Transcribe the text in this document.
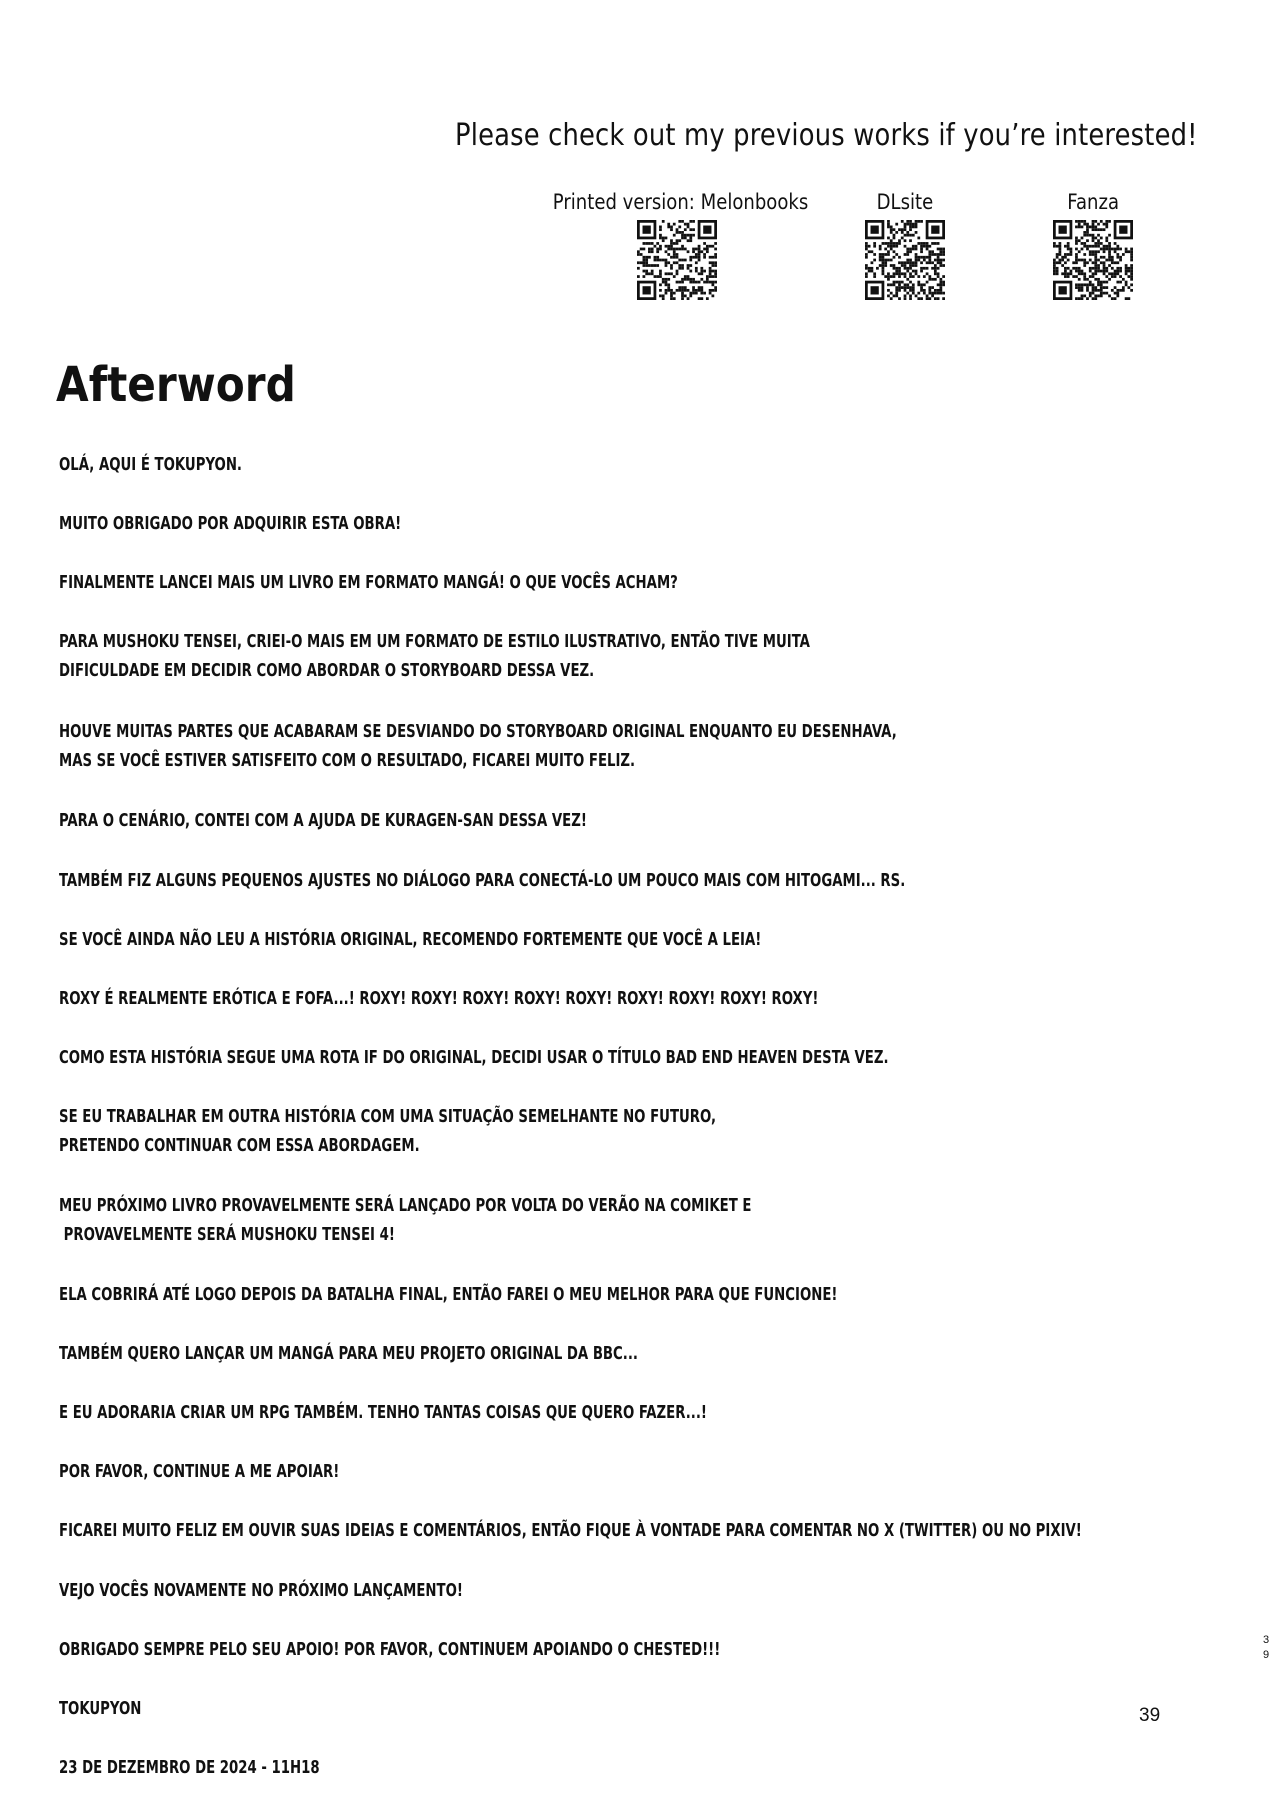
Please check out my previous works if you’re interested!
Printed version: Melonbooks	DLsite	Fanza
Afterword
OLÁ, AQUI É TOKUPYON.
MUITO OBRIGADO POR ADQUIRIR ESTA OBRA!
FINALMENTE LANCEI MAIS UM LIVRO EM FORMATO MANGÁ! O QUE VOCÊS ACHAM?
PARA MUSHOKU TENSEI, CRIEI-O MAIS EM UM FORMATO DE ESTILO ILUSTRATIVO, ENTÃO TIVE MUITA
DIFICULDADE EM DECIDIR COMO ABORDAR O STORYBOARD DESSA VEZ.
HOUVE MUITAS PARTES QUE ACABARAM SE DESVIANDO DO STORYBOARD ORIGINAL ENQUANTO EU DESENHAVA,
MAS SE VOCÊ ESTIVER SATISFEITO COM O RESULTADO, FICAREI MUITO FELIZ.
PARA O CENÁRIO, CONTEI COM A AJUDA DE KURAGEN-SAN DESSA VEZ!
TAMBÉM FIZ ALGUNS PEQUENOS AJUSTES NO DIÁLOGO PARA CONECTÁ-LO UM POUCO MAIS COM HITOGAMI... RS.
SE VOCÊ AINDA NÃO LEU A HISTÓRIA ORIGINAL, RECOMENDO FORTEMENTE QUE VOCÊ A LEIA!
ROXY É REALMENTE ERÓTICA E FOFA...! ROXY! ROXY! ROXY! ROXY! ROXY! ROXY! ROXY! ROXY! ROXY!
COMO ESTA HISTÓRIA SEGUE UMA ROTA IF DO ORIGINAL, DECIDI USAR O TÍTULO BAD END HEAVEN DESTA VEZ.
SE EU TRABALHAR EM OUTRA HISTÓRIA COM UMA SITUAÇÃO SEMELHANTE NO FUTURO,
PRETENDO CONTINUAR COM ESSA ABORDAGEM.
MEU PRÓXIMO LIVRO PROVAVELMENTE SERÁ LANÇADO POR VOLTA DO VERÃO NA COMIKET E
PROVAVELMENTE SERÁ MUSHOKU TENSEI 4!
ELA COBRIRÁ ATÉ LOGO DEPOIS DA BATALHA FINAL, ENTÃO FAREI O MEU MELHOR PARA QUE FUNCIONE!
TAMBÉM QUERO LANÇAR UM MANGÁ PARA MEU PROJETO ORIGINAL DA BBC...
E EU ADORARIA CRIAR UM RPG TAMBÉM. TENHO TANTAS COISAS QUE QUERO FAZER...!
POR FAVOR, CONTINUE A ME APOIAR!
FICAREI MUITO FELIZ EM OUVIR SUAS IDEIAS E COMENTÁRIOS, ENTÃO FIQUE À VONTADE PARA COMENTAR NO X (TWITTER) OU NO PIXIV!
VEJO VOCÊS NOVAMENTE NO PRÓXIMO LANÇAMENTO!
OBRIGADO SEMPRE PELO SEU APOIO! POR FAVOR, CONTINUEM APOIANDO O CHESTED!!!
TOKUPYON
23 DE DEZEMBRO DE 2024 - 11H18
39
39
